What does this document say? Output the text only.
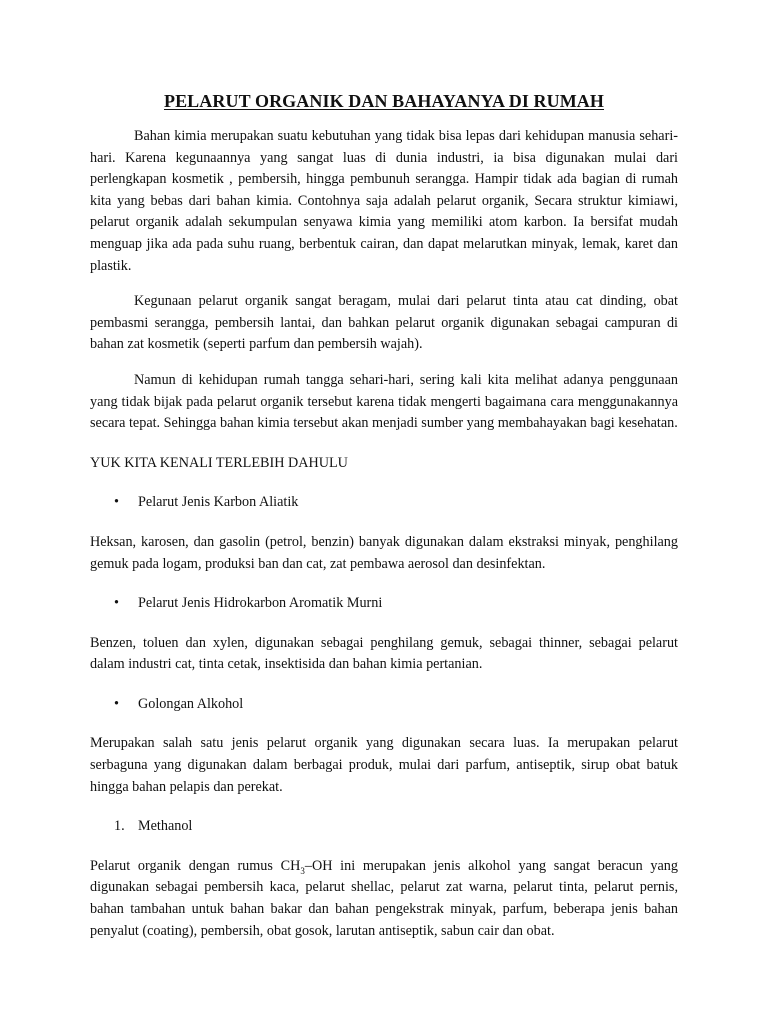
PELARUT ORGANIK DAN BAHAYANYA DI RUMAH

Bahan kimia merupakan suatu kebutuhan yang tidak bisa lepas dari kehidupan manusia sehari-hari. Karena kegunaannya yang sangat luas di dunia industri, ia bisa digunakan mulai dari perlengkapan kosmetik , pembersih, hingga pembunuh serangga. Hampir tidak ada bagian di rumah kita yang bebas dari bahan kimia. Contohnya saja adalah pelarut organik, Secara struktur kimiawi, pelarut organik adalah sekumpulan senyawa kimia yang memiliki atom karbon. Ia bersifat mudah menguap jika ada pada suhu ruang, berbentuk cairan, dan dapat melarutkan minyak, lemak, karet dan plastik.

Kegunaan pelarut organik sangat beragam, mulai dari pelarut tinta atau cat dinding, obat pembasmi serangga, pembersih lantai, dan bahkan pelarut organik digunakan sebagai campuran di bahan zat kosmetik (seperti parfum dan pembersih wajah).

Namun di kehidupan rumah tangga sehari-hari, sering kali kita melihat adanya penggunaan yang tidak bijak pada pelarut organik tersebut karena tidak mengerti bagaimana cara menggunakannya secara tepat. Sehingga bahan kimia tersebut akan menjadi sumber yang membahayakan bagi kesehatan.

YUK KITA KENALI TERLEBIH DAHULU

• Pelarut Jenis Karbon Aliatik

Heksan, karosen, dan gasolin (petrol, benzin) banyak digunakan dalam ekstraksi minyak, penghilang gemuk pada logam, produksi ban dan cat, zat pembawa aerosol dan desinfektan.

• Pelarut Jenis Hidrokarbon Aromatik Murni

Benzen, toluen dan xylen, digunakan sebagai penghilang gemuk, sebagai thinner, sebagai pelarut dalam industri cat, tinta cetak, insektisida dan bahan kimia pertanian.

• Golongan Alkohol

Merupakan salah satu jenis pelarut organik yang digunakan secara luas. Ia merupakan pelarut serbaguna yang digunakan dalam berbagai produk, mulai dari parfum, antiseptik, sirup obat batuk hingga bahan pelapis dan perekat.

1. Methanol

Pelarut organik dengan rumus $CH_3-OH$ ini merupakan jenis alkohol yang sangat beracun yang digunakan sebagai pembersih kaca, pelarut shellac, pelarut zat warna, pelarut tinta, pelarut pernis, bahan tambahan untuk bahan bakar dan bahan pengekstrak minyak, parfum, beberapa jenis bahan penyalut (coating), pembersih, obat gosok, larutan antiseptik, sabun cair dan obat.
